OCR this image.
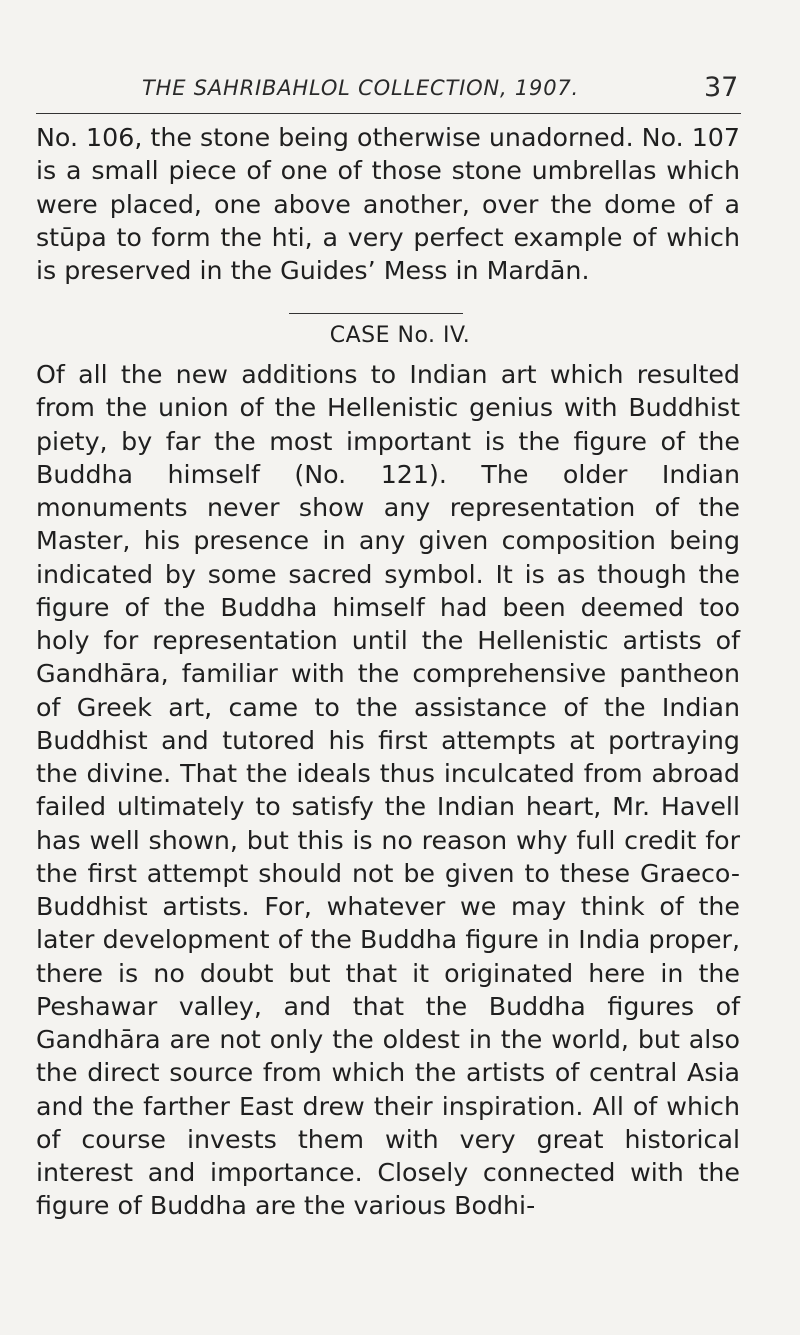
THE SAHRIBAHLOL COLLECTION, 1907.	37

No. 106, the stone being otherwise unadorned. No. 107 is a small piece of one of those stone umbrellas which were placed, one above another, over the dome of a stūpa to form the hti, a very perfect example of which is preserved in the Guides’ Mess in Mardān.

CASE No. IV.

Of all the new additions to Indian art which resulted from the union of the Hellenistic genius with Buddhist piety, by far the most important is the figure of the Buddha himself (No. 121). The older Indian monuments never show any representation of the Master, his presence in any given composition being indicated by some sacred symbol. It is as though the figure of the Buddha himself had been deemed too holy for representation until the Hellenistic artists of Gandhāra, familiar with the comprehensive pantheon of Greek art, came to the assistance of the Indian Buddhist and tutored his first attempts at portraying the divine. That the ideals thus inculcated from abroad failed ultimately to satisfy the Indian heart, Mr. Havell has well shown, but this is no reason why full credit for the first attempt should not be given to these Graeco-Buddhist artists. For, whatever we may think of the later development of the Buddha figure in India proper, there is no doubt but that it originated here in the Peshawar valley, and that the Buddha figures of Gandhāra are not only the oldest in the world, but also the direct source from which the artists of central Asia and the farther East drew their inspiration. All of which of course invests them with very great historical interest and importance. Closely connected with the figure of Buddha are the various Bodhi-
